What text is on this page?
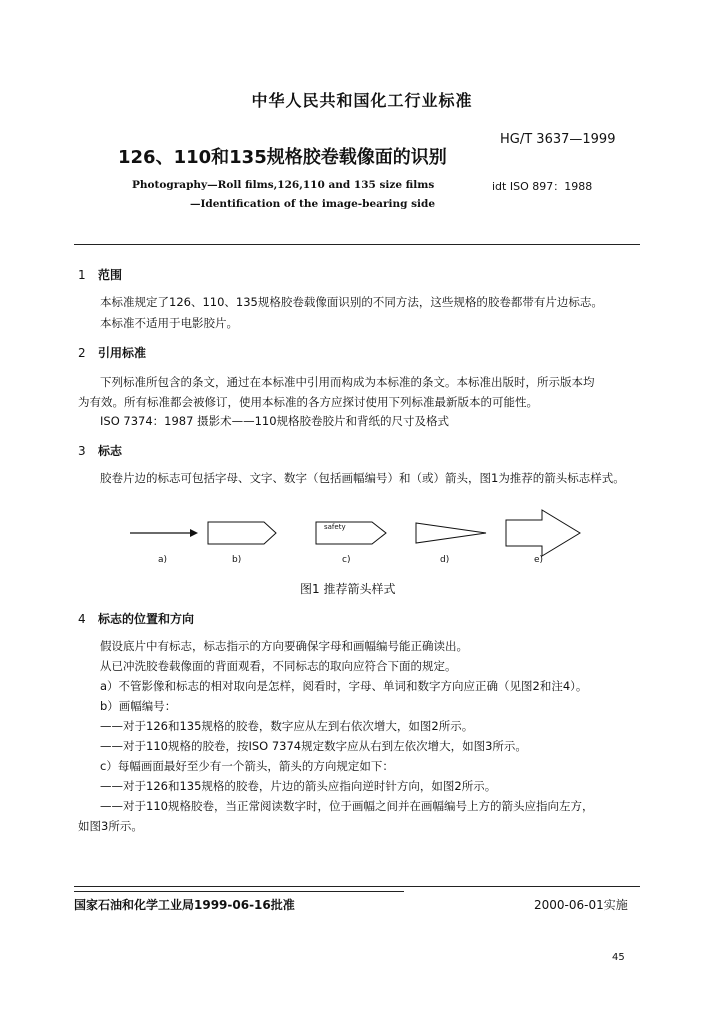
中华人民共和国化工行业标准
HG/T 3637—1999
126、110和135规格胶卷载像面的识别
Photography—Roll films,126,110 and 135 size films
—Identification of the image-bearing side
idt ISO 897：1988
1 范围
本标准规定了126、110、135规格胶卷载像面识别的不同方法，这些规格的胶卷都带有片边标志。
本标准不适用于电影胶片。
2 引用标准
下列标准所包含的条文，通过在本标准中引用而构成为本标准的条文。本标准出版时，所示版本均
为有效。所有标准都会被修订，使用本标准的各方应探讨使用下列标准最新版本的可能性。
ISO 7374：1987 摄影术——110规格胶卷胶片和背纸的尺寸及格式
3 标志
胶卷片边的标志可包括字母、文字、数字（包括画幅编号）和（或）箭头，图1为推荐的箭头标志样式。
safety
a)	b)	c)	d)	e)
图1 推荐箭头样式
4 标志的位置和方向
假设底片中有标志，标志指示的方向要确保字母和画幅编号能正确读出。
从已冲洗胶卷载像面的背面观看，不同标志的取向应符合下面的规定。
a）不管影像和标志的相对取向是怎样，阅看时，字母、单词和数字方向应正确（见图2和注4）。
b）画幅编号：
——对于126和135规格的胶卷，数字应从左到右依次增大，如图2所示。
——对于110规格的胶卷，按ISO 7374规定数字应从右到左依次增大，如图3所示。
c）每幅画面最好至少有一个箭头，箭头的方向规定如下：
——对于126和135规格的胶卷，片边的箭头应指向逆时针方向，如图2所示。
——对于110规格胶卷，当正常阅读数字时，位于画幅之间并在画幅编号上方的箭头应指向左方，
如图3所示。
国家石油和化学工业局1999-06-16批准	2000-06-01实施
45
